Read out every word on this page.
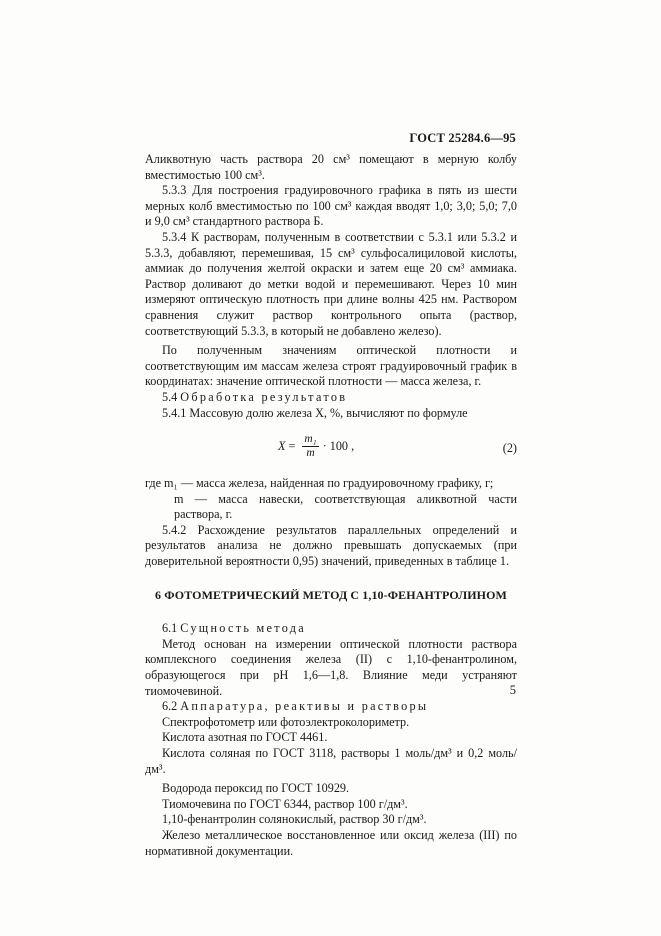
ГОСТ 25284.6—95

Аликвотную часть раствора 20 см³ помещают в мерную колбу вместимостью 100 см³.

5.3.3 Для построения градуировочного графика в пять из шести мерных колб вместимостью по 100 см³ каждая вводят 1,0; 3,0; 5,0; 7,0 и 9,0 см³ стандартного раствора Б.

5.3.4 К растворам, полученным в соответствии с 5.3.1 или 5.3.2 и 5.3.3, добавляют, перемешивая, 15 см³ сульфосалициловой кислоты, аммиак до получения желтой окраски и затем еще 20 см³ аммиака. Раствор доливают до метки водой и перемешивают. Через 10 мин измеряют оптическую плотность при длине волны 425 нм. Раствором сравнения служит раствор контрольного опыта (раствор, соответствующий 5.3.3, в который не добавлено железо).

По полученным значениям оптической плотности и соответствующим им массам железа строят градуировочный график в координатах: значение оптической плотности — масса железа, г.

5.4 Обработка результатов

5.4.1 Массовую долю железа X, %, вычисляют по формуле

$X = \frac{\text{m₁}}{m} \cdot 100$ ,	(2)

где m₁ — масса железа, найденная по градуировочному графику, г;

m — масса навески, соответствующая аликвотной части раствора, г.

5.4.2 Расхождение результатов параллельных определений и результатов анализа не должно превышать допускаемых (при доверительной вероятности 0,95) значений, приведенных в таблице 1.

6 ФОТОМЕТРИЧЕСКИЙ МЕТОД С 1,10-ФЕНАНТРОЛИНОМ

6.1 Сущность метода

Метод основан на измерении оптической плотности раствора комплексного соединения железа (II) с 1,10-фенантролином, образующегося при pH 1,6—1,8. Влияние меди устраняют тиомочевиной.

6.2 Аппаратура, реактивы и растворы

Спектрофотометр или фотоэлектроколориметр.

Кислота азотная по ГОСТ 4461.

Кислота соляная по ГОСТ 3118, растворы 1 моль/дм³ и 0,2 моль/дм³.

Водорода пероксид по ГОСТ 10929.

Тиомочевина по ГОСТ 6344, раствор 100 г/дм³.

1,10-фенантролин солянокислый, раствор 30 г/дм³.

Железо металлическое восстановленное или оксид железа (III) по нормативной документации.

5
